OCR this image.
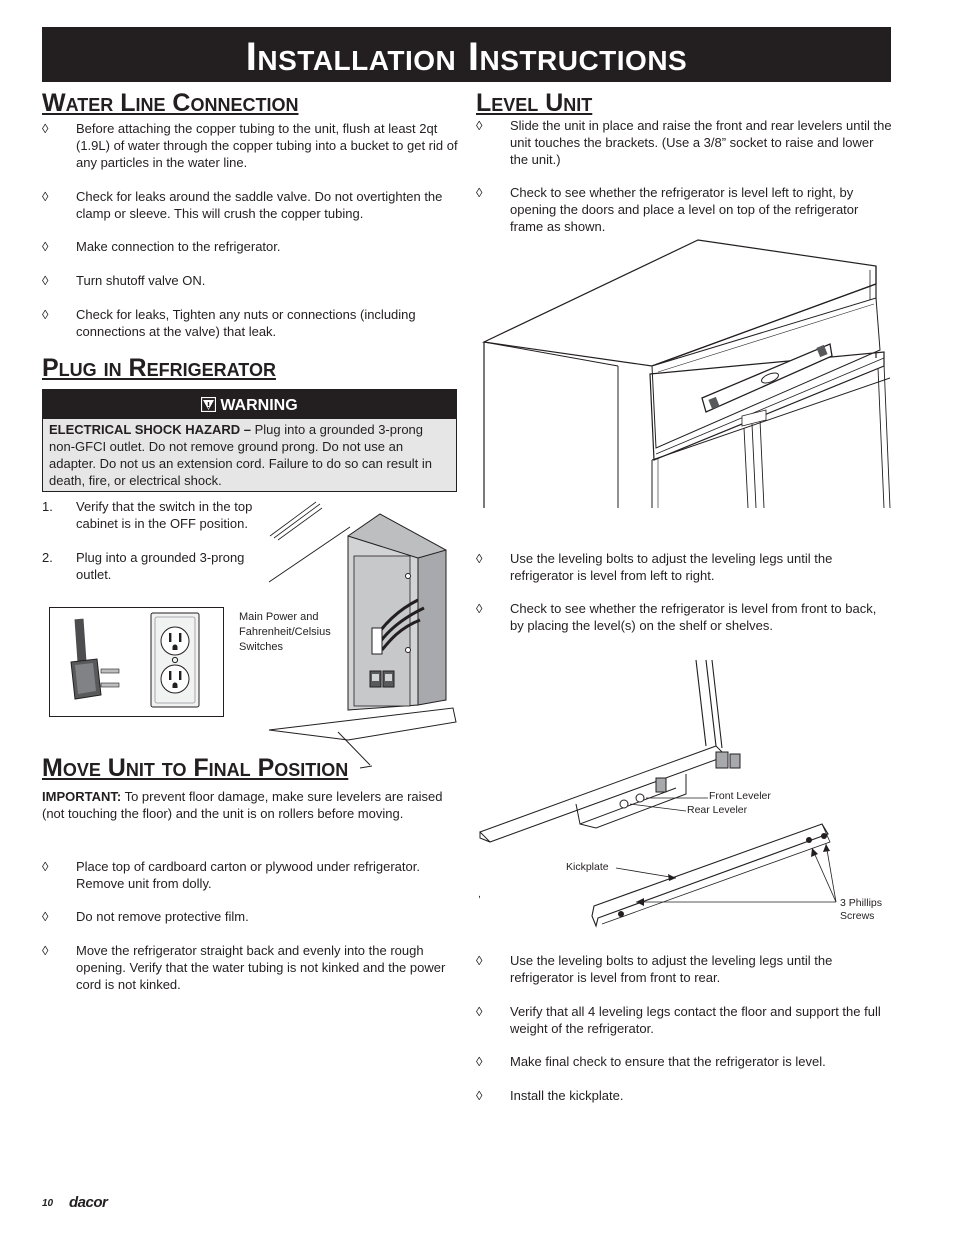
Installation Instructions
Water Line Connection
◊ Before attaching the copper tubing to the unit, flush at least 2qt (1.9L) of water through the copper tubing into a bucket to get rid of any particles in the water line.
◊ Check for leaks around the saddle valve. Do not overtighten the clamp or sleeve. This will crush the copper tubing.
◊ Make connection to the refrigerator.
◊ Turn shutoff valve ON.
◊ Check for leaks, Tighten any nuts or connections (including connections at the valve) that leak.
Plug in Refrigerator
WARNING
ELECTRICAL SHOCK HAZARD – Plug into a grounded 3-prong non-GFCI outlet. Do not remove ground prong. Do not use an adapter. Do not us an extension cord. Failure to do so can result in death, fire, or electrical shock.
1. Verify that the switch in the top cabinet is in the OFF position.
2. Plug into a grounded 3-prong outlet.
Main Power and Fahrenheit/Celsius Switches
Move Unit to Final Position
IMPORTANT: To prevent floor damage, make sure levelers are raised (not touching the floor) and the unit is on rollers before moving.
◊ Place top of cardboard carton or plywood under refrigerator. Remove unit from dolly.
◊ Do not remove protective film.
◊ Move the refrigerator straight back and evenly into the rough opening. Verify that the water tubing is not kinked and the power cord is not kinked.
Level Unit
◊ Slide the unit in place and raise the front and rear levelers until the unit touches the brackets. (Use a 3/8” socket to raise and lower the unit.)
◊ Check to see whether the refrigerator is level left to right, by opening the doors and place a level on top of the refrigerator frame as shown.
◊ Use the leveling bolts to adjust the leveling legs until the refrigerator is level from left to right.
◊ Check to see whether the refrigerator is level from front to back, by placing the level(s) on the shelf or shelves.
Front Leveler
Rear Leveler
Kickplate
3 Phillips Screws
,
◊ Use the leveling bolts to adjust the leveling legs until the refrigerator is level from front to rear.
◊ Verify that all 4 leveling legs contact the floor and support the full weight of the refrigerator.
◊ Make final check to ensure that the refrigerator is level.
◊ Install the kickplate.
10 dacor
